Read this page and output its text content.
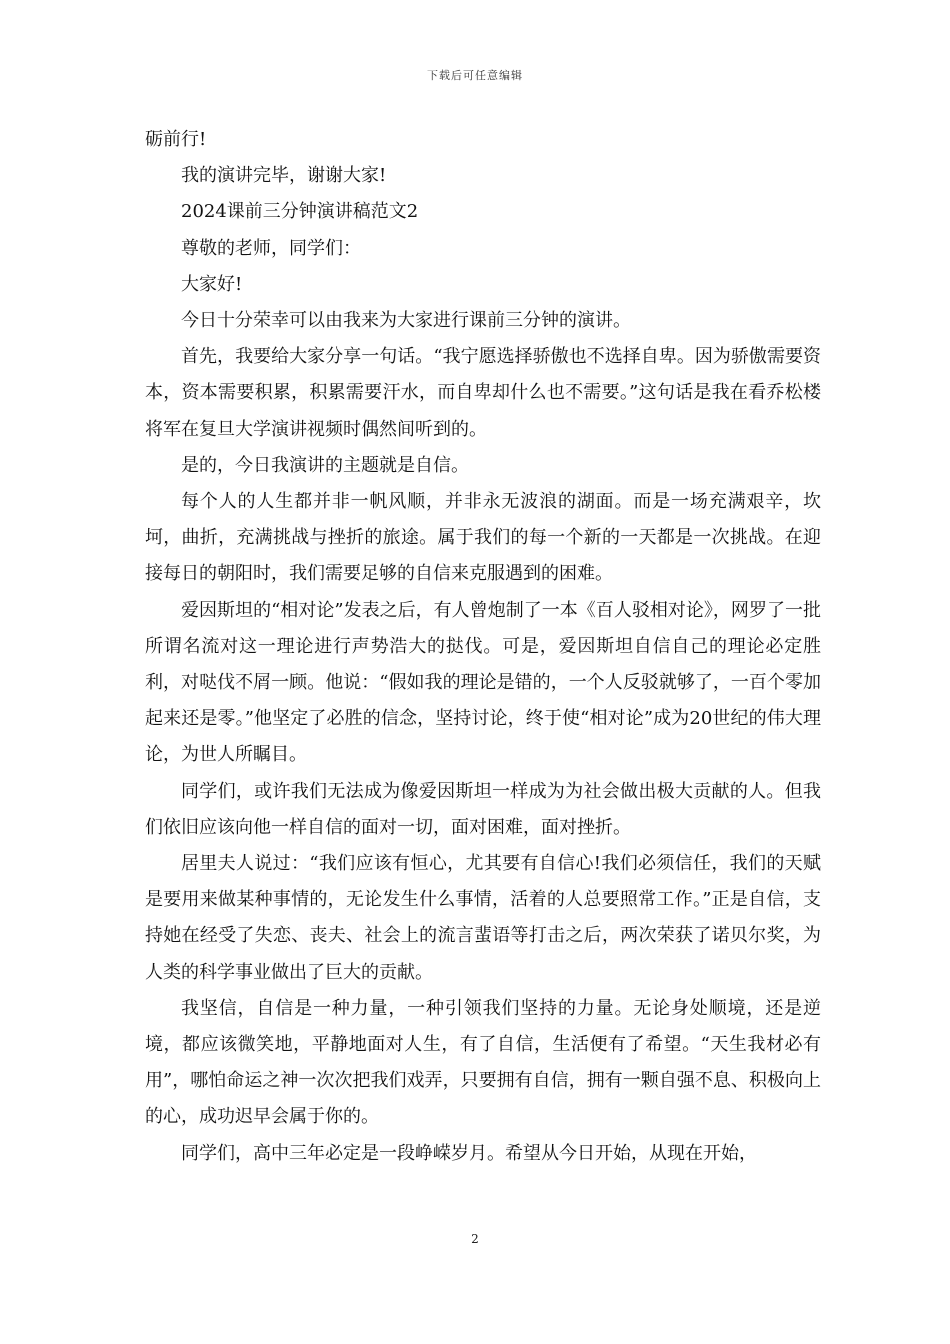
下载后可任意编辑

砺前行!

我的演讲完毕，谢谢大家!

2024课前三分钟演讲稿范文2

尊敬的老师，同学们：

大家好!

今日十分荣幸可以由我来为大家进行课前三分钟的演讲。

首先，我要给大家分享一句话。“我宁愿选择骄傲也不选择自卑。因为骄傲需要资本，资本需要积累，积累需要汗水，而自卑却什么也不需要。”这句话是我在看乔松楼将军在复旦大学演讲视频时偶然间听到的。

是的，今日我演讲的主题就是自信。

每个人的人生都并非一帆风顺，并非永无波浪的湖面。而是一场充满艰辛，坎坷，曲折，充满挑战与挫折的旅途。属于我们的每一个新的一天都是一次挑战。在迎接每日的朝阳时，我们需要足够的自信来克服遇到的困难。

爱因斯坦的“相对论”发表之后，有人曾炮制了一本《百人驳相对论》，网罗了一批所谓名流对这一理论进行声势浩大的挞伐。可是，爱因斯坦自信自己的理论必定胜利，对哒伐不屑一顾。他说：“假如我的理论是错的，一个人反驳就够了，一百个零加起来还是零。”他坚定了必胜的信念，坚持讨论，终于使“相对论”成为20世纪的伟大理论，为世人所瞩目。

同学们，或许我们无法成为像爱因斯坦一样成为为社会做出极大贡献的人。但我们依旧应该向他一样自信的面对一切，面对困难，面对挫折。

居里夫人说过：“我们应该有恒心，尤其要有自信心!我们必须信任，我们的天赋是要用来做某种事情的，无论发生什么事情，活着的人总要照常工作。”正是自信，支持她在经受了失恋、丧夫、社会上的流言蜚语等打击之后，两次荣获了诺贝尔奖，为人类的科学事业做出了巨大的贡献。

我坚信，自信是一种力量，一种引领我们坚持的力量。无论身处顺境，还是逆境，都应该微笑地，平静地面对人生，有了自信，生活便有了希望。“天生我材必有用”，哪怕命运之神一次次把我们戏弄，只要拥有自信，拥有一颗自强不息、积极向上的心，成功迟早会属于你的。

同学们，高中三年必定是一段峥嵘岁月。希望从今日开始，从现在开始，

2
